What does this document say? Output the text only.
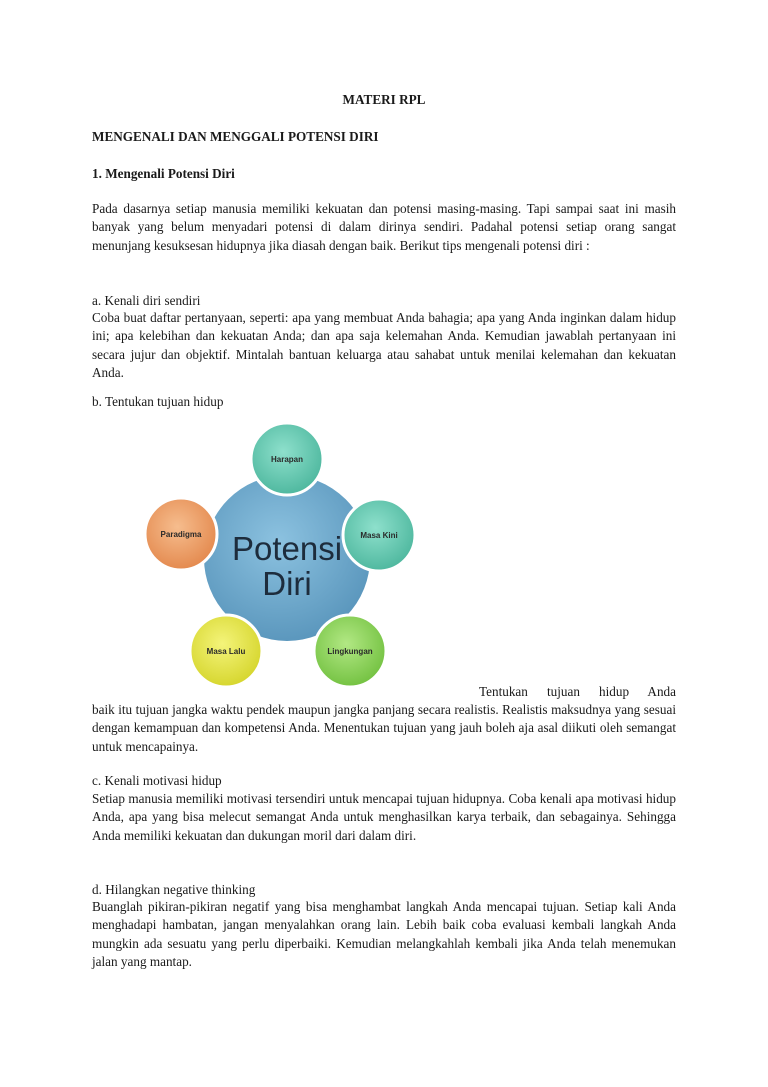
MATERI RPL
MENGENALI DAN MENGGALI POTENSI DIRI
1. Mengenali Potensi Diri
Pada dasarnya setiap manusia memiliki kekuatan dan potensi masing-masing. Tapi sampai saat ini masih banyak yang belum menyadari potensi di dalam dirinya sendiri. Padahal potensi setiap orang sangat menunjang kesuksesan hidupnya jika diasah dengan baik. Berikut tips mengenali potensi diri :
a. Kenali diri sendiri
Coba buat daftar pertanyaan, seperti: apa yang membuat Anda bahagia; apa yang Anda inginkan dalam hidup ini; apa kelebihan dan kekuatan Anda; dan apa saja kelemahan Anda. Kemudian jawablah pertanyaan ini secara jujur dan objektif. Mintalah bantuan keluarga atau sahabat untuk menilai kelemahan dan kekuatan Anda.
b. Tentukan tujuan hidup
Harapan
Masa Kini
Lingkungan
Masa Lalu
Paradigma Potensi
Diri
Tentukan tujuan hidup Anda
baik itu tujuan jangka waktu pendek maupun jangka panjang secara realistis. Realistis maksudnya yang sesuai dengan kemampuan dan kompetensi Anda. Menentukan tujuan yang jauh boleh aja asal diikuti oleh semangat untuk mencapainya.
c. Kenali motivasi hidup
Setiap manusia memiliki motivasi tersendiri untuk mencapai tujuan hidupnya. Coba kenali apa motivasi hidup Anda, apa yang bisa melecut semangat Anda untuk menghasilkan karya terbaik, dan sebagainya. Sehingga Anda memiliki kekuatan dan dukungan moril dari dalam diri.
d. Hilangkan negative thinking
Buanglah pikiran-pikiran negatif yang bisa menghambat langkah Anda mencapai tujuan. Setiap kali Anda menghadapi hambatan, jangan menyalahkan orang lain. Lebih baik coba evaluasi kembali langkah Anda mungkin ada sesuatu yang perlu diperbaiki. Kemudian melangkahlah kembali jika Anda telah menemukan jalan yang mantap.
